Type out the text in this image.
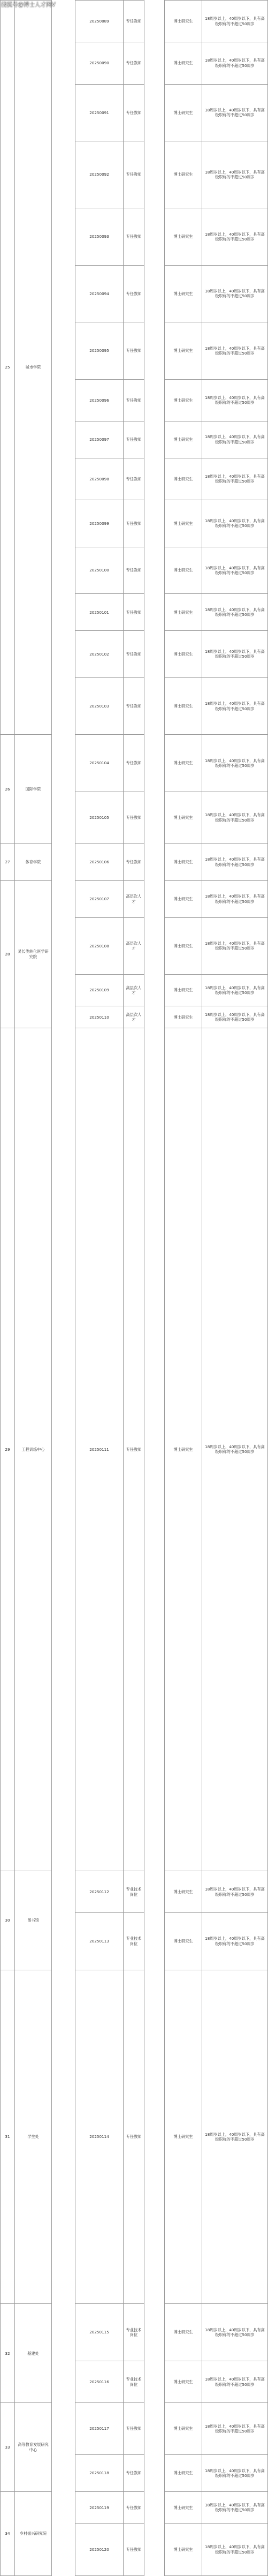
搜狐号@博士人才网V
25	城市学院		20250089	专任教师		博士研究生	18周岁以上，40周岁以下，具有高级职称的不超过50周岁	
			20250090	专任教师		博士研究生	18周岁以上，40周岁以下，具有高级职称的不超过50周岁	
			20250091	专任教师		博士研究生	18周岁以上，40周岁以下，具有高级职称的不超过50周岁	
			20250092	专任教师		博士研究生	18周岁以上，40周岁以下，具有高级职称的不超过50周岁	
			20250093	专任教师		博士研究生	18周岁以上，40周岁以下，具有高级职称的不超过50周岁	
			20250094	专任教师		博士研究生	18周岁以上，40周岁以下，具有高级职称的不超过50周岁	
			20250095	专任教师		博士研究生	18周岁以上，40周岁以下，具有高级职称的不超过50周岁	
			20250096	专任教师		博士研究生	18周岁以上，40周岁以下，具有高级职称的不超过50周岁	
			20250097	专任教师		博士研究生	18周岁以上，40周岁以下，具有高级职称的不超过50周岁	
			20250098	专任教师		博士研究生	18周岁以上，40周岁以下，具有高级职称的不超过50周岁	
			20250099	专任教师		博士研究生	18周岁以上，40周岁以下，具有高级职称的不超过50周岁	
			20250100	专任教师		博士研究生	18周岁以上，40周岁以下，具有高级职称的不超过50周岁	
			20250101	专任教师		博士研究生	18周岁以上，40周岁以下，具有高级职称的不超过50周岁	
			20250102	专任教师		博士研究生	18周岁以上，40周岁以下，具有高级职称的不超过50周岁	
			20250103	专任教师		博士研究生	18周岁以上，40周岁以下，具有高级职称的不超过50周岁	
26	国际学院		20250104	专任教师		博士研究生	18周岁以上，40周岁以下，具有高级职称的不超过50周岁	
			20250105	专任教师		博士研究生	18周岁以上，40周岁以下，具有高级职称的不超过50周岁	
27	体育学院		20250106	专任教师		博士研究生	18周岁以上，40周岁以下，具有高级职称的不超过50周岁	
28	灵长类转化医学研究院		20250107	高层次人才		博士研究生	18周岁以上，40周岁以下，具有高级职称的不超过50周岁	
			20250108	高层次人才		博士研究生	18周岁以上，40周岁以下，具有高级职称的不超过50周岁	
			20250109	高层次人才		博士研究生	18周岁以上，40周岁以下，具有高级职称的不超过50周岁	
			20250110	高层次人才		博士研究生	18周岁以上，40周岁以下，具有高级职称的不超过50周岁	
29	工程训练中心		20250111	专任教师		博士研究生	18周岁以上，40周岁以下，具有高级职称的不超过50周岁	
30	图书馆		20250112	专业技术岗位		博士研究生	18周岁以上，40周岁以下，具有高级职称的不超过50周岁	
			20250113	专业技术岗位		博士研究生	18周岁以上，40周岁以下，具有高级职称的不超过50周岁	
31	学生处		20250114	专任教师		博士研究生	18周岁以上，40周岁以下，具有高级职称的不超过50周岁	
32	基建处		20250115	专业技术岗位		博士研究生	18周岁以上，40周岁以下，具有高级职称的不超过50周岁	
			20250116	专业技术岗位		博士研究生	18周岁以上，40周岁以下，具有高级职称的不超过50周岁	
33	高等教育发展研究中心		20250117	专任教师		博士研究生	18周岁以上，40周岁以下，具有高级职称的不超过50周岁	
			20250118	专任教师		博士研究生	18周岁以上，40周岁以下，具有高级职称的不超过50周岁	
34	乡村振兴研究院		20250119	专任教师		博士研究生	18周岁以上，40周岁以下，具有高级职称的不超过50周岁	
			20250120	专任教师		博士研究生	18周岁以上，40周岁以下，具有高级职称的不超过50周岁	
